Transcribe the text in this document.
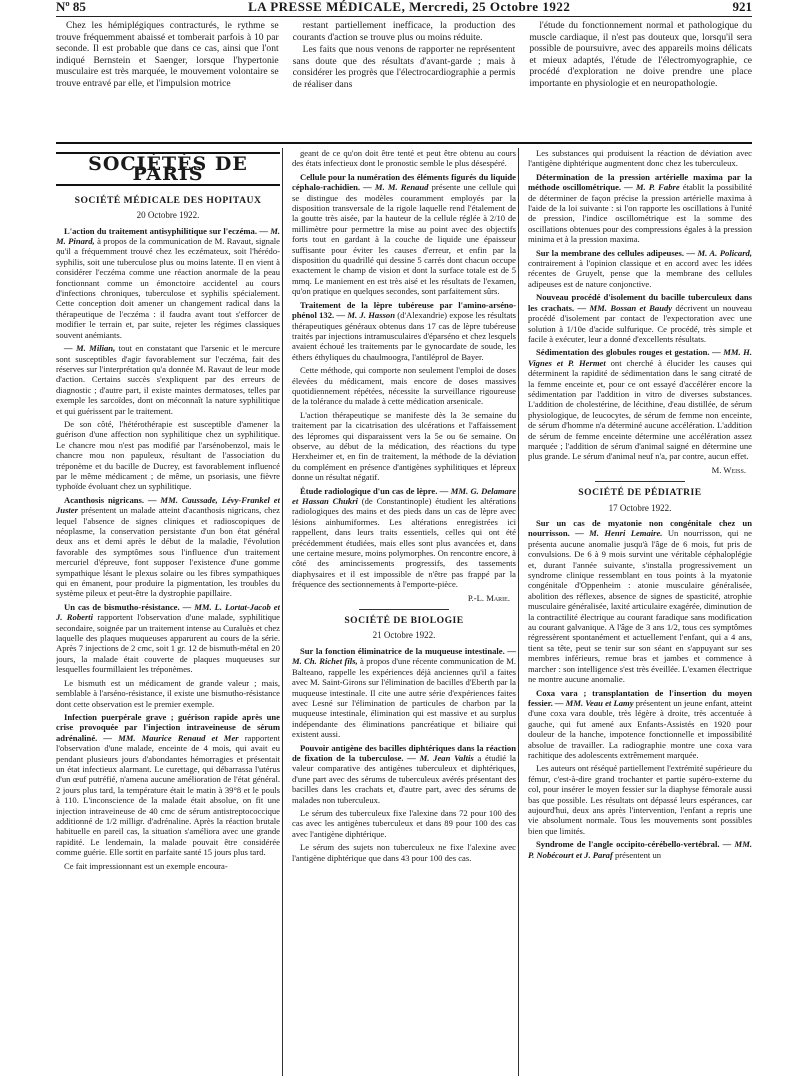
Nº 85	LA PRESSE MÉDICALE, Mercredi, 25 Octobre 1922	921

Chez les hémiplégiques contracturés, le rythme se trouve fréquemment abaissé et tomberait parfois à 10 par seconde. Il est probable que dans ce cas, ainsi que l'ont indiqué Bernstein et Saenger, lorsque l'hypertonie musculaire est très marquée, le mouvement volontaire se trouve entravé par elle, et l'impulsion motrice

restant partiellement inefficace, la production des courants d'action se trouve plus ou moins réduite.

Les faits que nous venons de rapporter ne représentent sans doute que des résultats d'avant-garde ; mais à considérer les progrès que l'électrocardiographie a permis de réaliser dans

l'étude du fonctionnement normal et pathologique du muscle cardiaque, il n'est pas douteux que, lorsqu'il sera possible de poursuivre, avec des appareils moins délicats et mieux adaptés, l'étude de l'électromyographie, ce procédé d'exploration ne doive prendre une place importante en physiologie et en neuropathologie.

SOCIÉTÉS DE PARIS
SOCIÉTÉ MÉDICALE DES HOPITAUX
20 Octobre 1922.

L'action du traitement antisyphilitique sur l'eczéma. — M. M. Pinard, à propos de la communication de M. Ravaut, signale qu'il a fréquemment trouvé chez les eczémateux, soit l'hérédo-syphilis, soit une tuberculose plus ou moins latente. Il en vient à considérer l'eczéma comme une réaction anormale de la peau fonctionnant comme un émonctoire accidentel au cours d'infections chroniques, tuberculose et syphilis spécialement. Cette conception doit amener un changement radical dans la thérapeutique de l'eczéma : il faudra avant tout s'efforcer de modifier le terrain et, par suite, rejeter les régimes classiques souvent anémiants.

— M. Milian, tout en constatant que l'arsenic et le mercure sont susceptibles d'agir favorablement sur l'eczéma, fait des réserves sur l'interprétation qu'a donnée M. Ravaut de leur mode d'action. Certains succès s'expliquent par des erreurs de diagnostic ; d'autre part, il existe maintes dermatoses, telles par exemple les sarcoïdes, dont on méconnaît la nature syphilitique et qui guérissent par le traitement.

De son côté, l'hétérothérapie est susceptible d'amener la guérison d'une affection non syphilitique chez un syphilitique. Le chancre mou n'est pas modifié par l'arsénobenzol, mais le chancre mou non papuleux, résultant de l'association du tréponème et du bacille de Ducrey, est favorablement influencé par le même médicament ; de même, un psoriasis, une fièvre typhoïde évoluant chez un syphilitique.

Acanthosis nigricans. — MM. Caussade, Lévy-Frankel et Juster présentent un malade atteint d'acanthosis nigricans, chez lequel l'absence de signes cliniques et radioscopiques de néoplasme, la conservation persistante d'un bon état général deux ans et demi après le début de la maladie, l'évolution favorable des symptômes sous l'influence d'un traitement mercuriel d'épreuve, font supposer l'existence d'une gomme sympathique lésant le plexus solaire ou les fibres sympathiques qui en émanent, pour produire la pigmentation, les troubles du système pileux et peut-être la dystrophie papillaire.

Un cas de bismutho-résistance. — MM. L. Lortat-Jacob et J. Roberti rapportent l'observation d'une malade, syphilitique secondaire, soignée par un traitement intense au Curaluès et chez laquelle des plaques muqueuses apparurent au cours de la série. Après 7 injections de 2 cmc, soit 1 gr. 12 de bismuth-métal en 20 jours, la malade était couverte de plaques muqueuses sur lesquelles fourmillaient les tréponèmes.

Le bismuth est un médicament de grande valeur ; mais, semblable à l'arséno-résistance, il existe une bismutho-résistance dont cette observation est le premier exemple.

Infection puerpérale grave ; guérison rapide après une crise provoquée par l'injection intraveineuse de sérum adrénaliné. — MM. Maurice Renaud et Mer rapportent l'observation d'une malade, enceinte de 4 mois, qui avait eu pendant plusieurs jours d'abondantes hémorragies et présentait un état infectieux alarmant. Le curettage, qui débarrassa l'utérus d'un œuf putréfié, n'amena aucune amélioration de l'état général. 2 jours plus tard, la température était le matin à 39°8 et le pouls à 110. L'inconscience de la malade était absolue, on fit une injection intraveineuse de 40 cmc de sérum antistreptococcique additionné de 1/2 milligr. d'adrénaline. Après la réaction brutale habituelle en pareil cas, la situation s'améliora avec une grande rapidité. Le lendemain, la malade pouvait être considérée comme guérie. Elle sortit en parfaite santé 15 jours plus tard.

Ce fait impressionnant est un exemple encoura-

geant de ce qu'on doit être tenté et peut être obtenu au cours des états infectieux dont le pronostic semble le plus désespéré.

Cellule pour la numération des éléments figurés du liquide céphalo-rachidien. — M. M. Renaud présente une cellule qui se distingue des modèles couramment employés par la disposition transversale de la rigole laquelle rend l'étalement de la goutte très aisée, par la hauteur de la cellule réglée à 2/10 de millimètre pour permettre la mise au point avec des objectifs forts tout en gardant à la couche de liquide une épaisseur suffisante pour éviter les causes d'erreur, et enfin par la disposition du quadrillé qui dessine 5 carrés dont chacun occupe exactement le champ de vision et dont la surface totale est de 5 mmq. Le maniement en est très aisé et les résultats de l'examen, qu'on pratique en quelques secondes, sont parfaitement sûrs.

Traitement de la lèpre tubéreuse par l'amino-arséno-phénol 132. — M. J. Hasson (d'Alexandrie) expose les résultats thérapeutiques généraux obtenus dans 17 cas de lèpre tubéreuse traités par injections intramusculaires d'éparséno et chez lesquels avaient échoué les traitements par le gynocardate de soude, les éthers éthyliques du chaulmoogra, l'antiléprol de Bayer.

Cette méthode, qui comporte non seulement l'emploi de doses élevées du médicament, mais encore de doses massives quotidiennement répétées, nécessite la surveillance rigoureuse de la tolérance du malade à cette médication arsenicale.

L'action thérapeutique se manifeste dès la 3e semaine du traitement par la cicatrisation des ulcérations et l'affaissement des lépromes qui disparaissent vers la 5e ou 6e semaine. On observe, au début de la médication, des réactions du type Herxheimer et, en fin de traitement, la méthode de la déviation du complément en présence d'antigènes syphilitiques et lépreux donne un résultat négatif.

Étude radiologique d'un cas de lèpre. — MM. G. Delamare et Hassan Chukri (de Constantinople) étudient les altérations radiologiques des mains et des pieds dans un cas de lèpre avec lésions ainhumiformes. Les altérations enregistrées ici rappellent, dans leurs traits essentiels, celles qui ont été précédemment étudiées, mais elles sont plus avancées et, dans une certaine mesure, moins polymorphes. On rencontre encore, à côté des amincissements progressifs, des tassements diaphysaires et il est impossible de n'être pas frappé par la fréquence des sectionnements à l'emporte-pièce.

P.-L. Marie.
SOCIÉTÉ DE BIOLOGIE
21 Octobre 1922.

Sur la fonction éliminatrice de la muqueuse intestinale. — M. Ch. Richet fils, à propos d'une récente communication de M. Balteano, rappelle les expériences déjà anciennes qu'il a faites avec M. Saint-Girons sur l'élimination de bacilles d'Eberth par la muqueuse intestinale. Il cite une autre série d'expériences faites avec Lesné sur l'élimination de particules de charbon par la muqueuse intestinale, élimination qui est massive et au surplus indépendante des éliminations pancréatique et biliaire qui existent aussi.

Pouvoir antigène des bacilles diphtériques dans la réaction de fixation de la tuberculose. — M. Jean Valtis a étudié la valeur comparative des antigènes tuberculeux et diphtériques, d'une part avec des sérums de tuberculeux avérés présentant des bacilles dans les crachats et, d'autre part, avec des sérums de malades non tuberculeux.

Le sérum des tuberculeux fixe l'alexine dans 72 pour 100 des cas avec les antigènes tuberculeux et dans 89 pour 100 des cas avec l'antigène diphtérique.

Le sérum des sujets non tuberculeux ne fixe l'alexine avec l'antigène diphtérique que dans 43 pour 100 des cas.

Les substances qui produisent la réaction de déviation avec l'antigène diphtérique augmentent donc chez les tuberculeux.

Détermination de la pression artérielle maxima par la méthode oscillométrique. — M. P. Fabre établit la possibilité de déterminer de façon précise la pression artérielle maxima à l'aide de la loi suivante : si l'on rapporte les oscillations à l'unité de pression, l'indice oscillométrique est la somme des oscillations obtenues pour des compressions égales à la pression minima et à la pression maxima.

Sur la membrane des cellules adipeuses. — M. A. Policard, contrairement à l'opinion classique et en accord avec les idées récentes de Gruyelt, pense que la membrane des cellules adipeuses est de nature conjonctive.

Nouveau procédé d'isolement du bacille tuberculeux dans les crachats. — MM. Bossan et Baudy décrivent un nouveau procédé d'isolement par contact de l'expectoration avec une solution à 1/10e d'acide sulfurique. Ce procédé, très simple et facile à exécuter, leur a donné d'excellents résultats.

Sédimentation des globules rouges et gestation. — MM. H. Vignes et P. Hermet ont cherché à élucider les causes qui déterminent la rapidité de sédimentation dans le sang citraté de la femme enceinte et, pour ce ont essayé d'accélérer encore la sédimentation par l'addition in vitro de diverses substances. L'addition de cholestérine, de lécithine, d'eau distillée, de sérum physiologique, de leucocytes, de sérum de femme non enceinte, de sérum d'homme n'a déterminé aucune accélération. L'addition de sérum de femme enceinte détermine une accélération assez marquée ; l'addition de sérum d'animal saigné en détermine une plus grande. Le sérum d'animal neuf n'a, par contre, aucun effet.

M. Weiss.
SOCIÉTÉ DE PÉDIATRIE
17 Octobre 1922.

Sur un cas de myatonie non congénitale chez un nourrisson. — M. Henri Lemaire. Un nourrisson, qui ne présenta aucune anomalie jusqu'à l'âge de 6 mois, fut pris de convulsions. De 6 à 9 mois survint une véritable céphaloplégie et, durant l'année suivante, s'installa progressivement un syndrome clinique ressemblant en tous points à la myatonie congénitale d'Oppenheim : atonie musculaire généralisée, abolition des réflexes, absence de signes de spasticité, atrophie musculaire généralisée, laxité articulaire exagérée, diminution de la contractilité électrique au courant faradique sans modification au courant galvanique. A l'âge de 3 ans 1/2, tous ces symptômes régressèrent spontanément et actuellement l'enfant, qui a 4 ans, tient sa tête, peut se tenir sur son séant en s'appuyant sur ses membres inférieurs, remue bras et jambes et commence à marcher : son intelligence s'est très éveillée. L'examen électrique ne montre aucune anomalie.

Coxa vara ; transplantation de l'insertion du moyen fessier. — MM. Veau et Lamy présentent un jeune enfant, atteint d'une coxa vara double, très légère à droite, très accentuée à gauche, qui fut amené aux Enfants-Assistés en 1920 pour douleur de la hanche, impotence fonctionnelle et impossibilité absolue de travailler. La radiographie montre une coxa vara rachitique des adolescents extrêmement marquée.

Les auteurs ont réséqué partiellement l'extrémité supérieure du fémur, c'est-à-dire grand trochanter et partie supéro-externe du col, pour insérer le moyen fessier sur la diaphyse fémorale aussi bas que possible. Les résultats ont dépassé leurs espérances, car aujourd'hui, deux ans après l'intervention, l'enfant a repris une vie absolument normale. Tous les mouvements sont possibles bien que limités.

Syndrome de l'angle occipito-cérébello-vertébral. — MM. P. Nobécourt et J. Paraf présentent un
